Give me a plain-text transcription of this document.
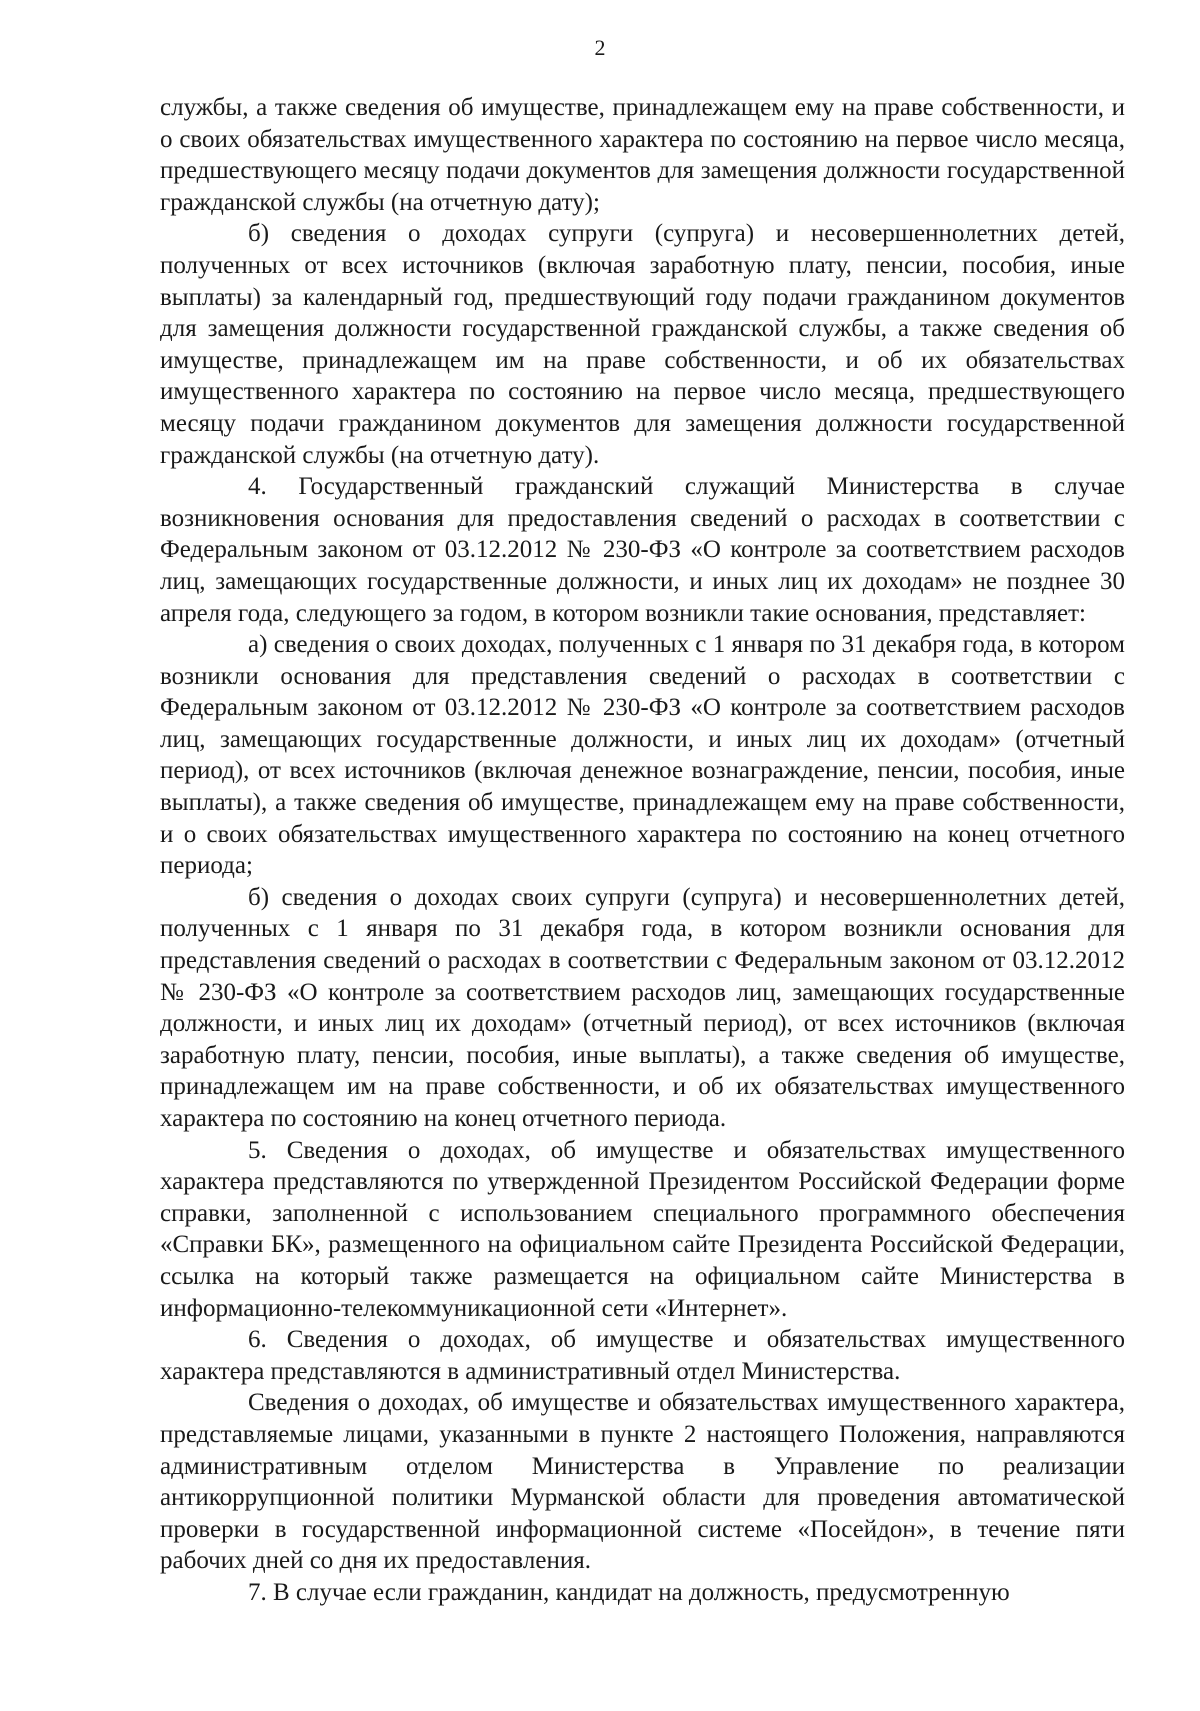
2

службы, а также сведения об имуществе, принадлежащем ему на праве собственности, и о своих обязательствах имущественного характера по состоянию на первое число месяца, предшествующего месяцу подачи документов для замещения должности государственной гражданской службы (на отчетную дату);

б) сведения о доходах супруги (супруга) и несовершеннолетних детей, полученных от всех источников (включая заработную плату, пенсии, пособия, иные выплаты) за календарный год, предшествующий году подачи гражданином документов для замещения должности государственной гражданской службы, а также сведения об имуществе, принадлежащем им на праве собственности, и об их обязательствах имущественного характера по состоянию на первое число месяца, предшествующего месяцу подачи гражданином документов для замещения должности государственной гражданской службы (на отчетную дату).

4. Государственный гражданский служащий Министерства в случае возникновения основания для предоставления сведений о расходах в соответствии с Федеральным законом от 03.12.2012 № 230-ФЗ «О контроле за соответствием расходов лиц, замещающих государственные должности, и иных лиц их доходам» не позднее 30 апреля года, следующего за годом, в котором возникли такие основания, представляет:

а) сведения о своих доходах, полученных с 1 января по 31 декабря года, в котором возникли основания для представления сведений о расходах в соответствии с Федеральным законом от 03.12.2012 № 230-ФЗ «О контроле за соответствием расходов лиц, замещающих государственные должности, и иных лиц их доходам» (отчетный период), от всех источников (включая денежное вознаграждение, пенсии, пособия, иные выплаты), а также сведения об имуществе, принадлежащем ему на праве собственности, и о своих обязательствах имущественного характера по состоянию на конец отчетного периода;

б) сведения о доходах своих супруги (супруга) и несовершеннолетних детей, полученных с 1 января по 31 декабря года, в котором возникли основания для представления сведений о расходах в соответствии с Федеральным законом от 03.12.2012 № 230-ФЗ «О контроле за соответствием расходов лиц, замещающих государственные должности, и иных лиц их доходам» (отчетный период), от всех источников (включая заработную плату, пенсии, пособия, иные выплаты), а также сведения об имуществе, принадлежащем им на праве собственности, и об их обязательствах имущественного характера по состоянию на конец отчетного периода.

5. Сведения о доходах, об имуществе и обязательствах имущественного характера представляются по утвержденной Президентом Российской Федерации форме справки, заполненной с использованием специального программного обеспечения «Справки БК», размещенного на официальном сайте Президента Российской Федерации, ссылка на который также размещается на официальном сайте Министерства в информационно-телекоммуникационной сети «Интернет».

6. Сведения о доходах, об имуществе и обязательствах имущественного характера представляются в административный отдел Министерства.

Сведения о доходах, об имуществе и обязательствах имущественного характера, представляемые лицами, указанными в пункте 2 настоящего Положения, направляются административным отделом Министерства в Управление по реализации антикоррупционной политики Мурманской области для проведения автоматической проверки в государственной информационной системе «Посейдон», в течение пяти рабочих дней со дня их предоставления.

7. В случае если гражданин, кандидат на должность, предусмотренную
